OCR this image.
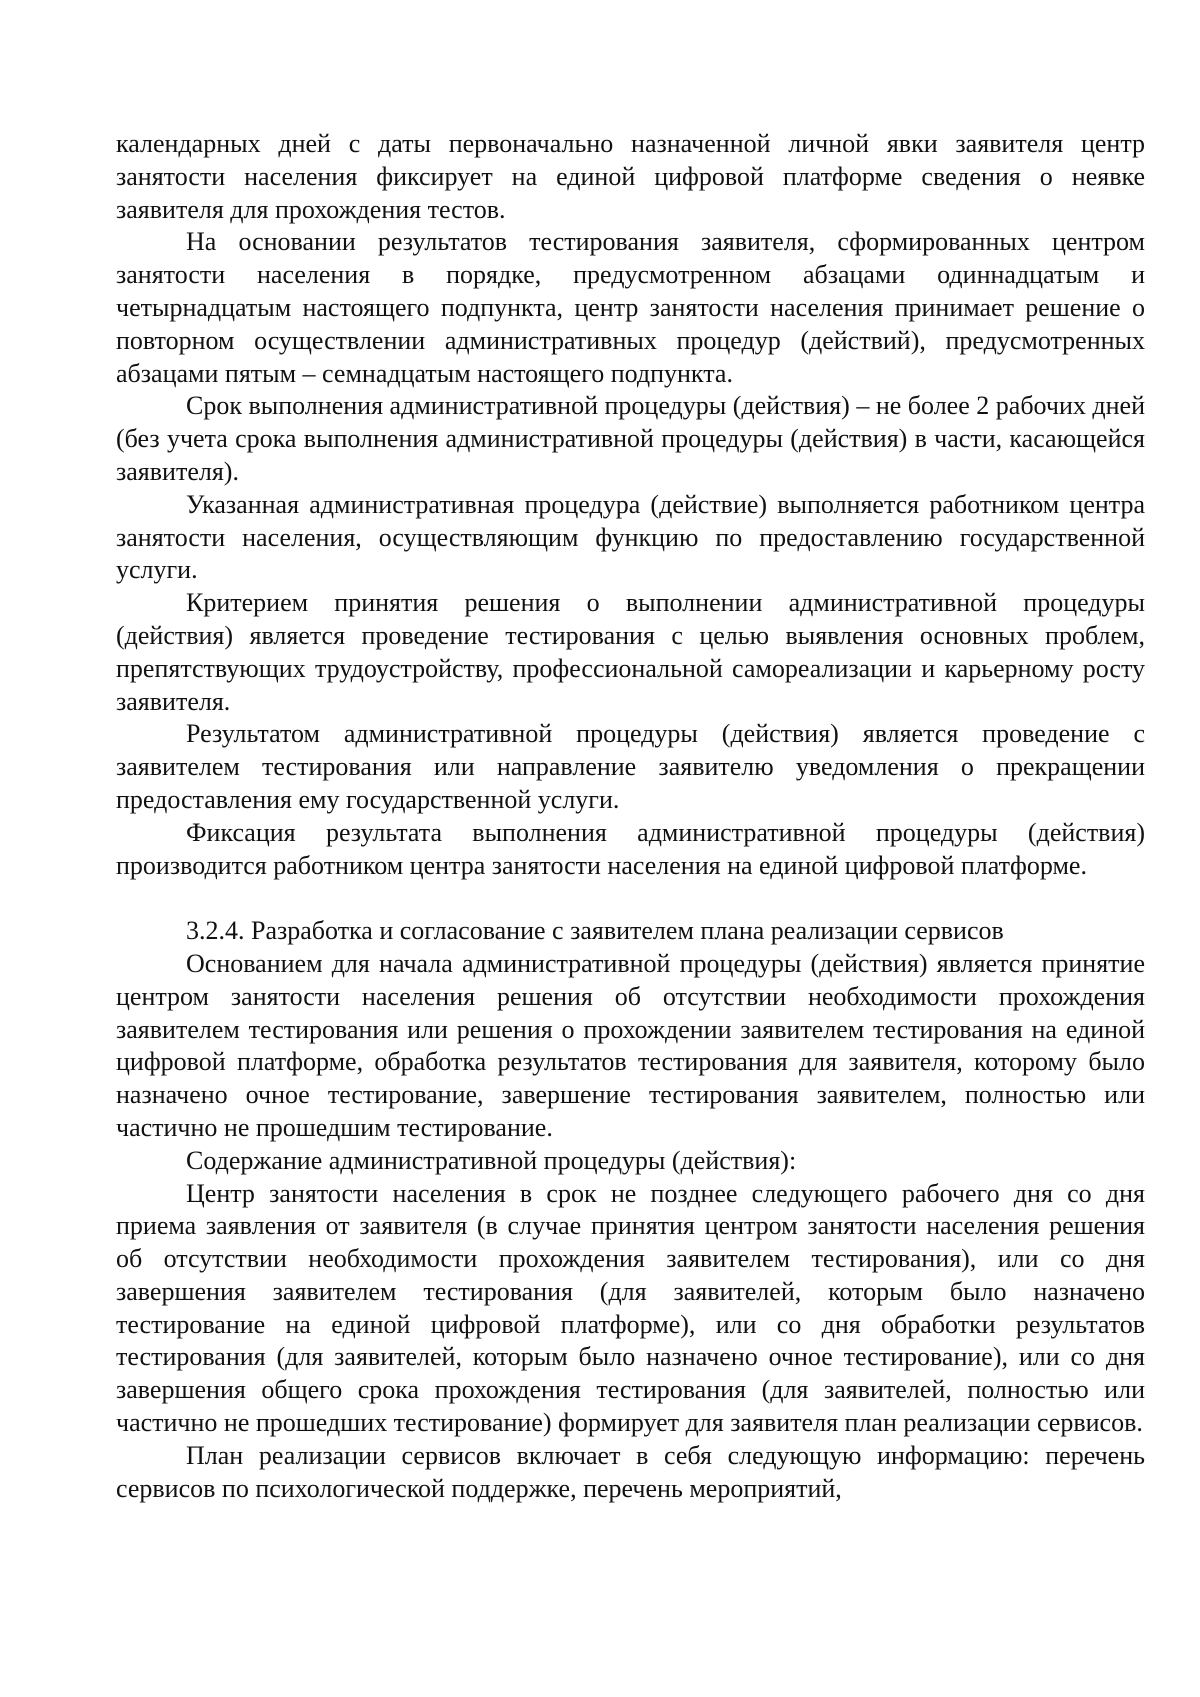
календарных дней с даты первоначально назначенной личной явки заявителя центр занятости населения фиксирует на единой цифровой платформе сведения о неявке заявителя для прохождения тестов.

На основании результатов тестирования заявителя, сформированных центром занятости населения в порядке, предусмотренном абзацами одиннадцатым и четырнадцатым настоящего подпункта, центр занятости населения принимает решение о повторном осуществлении административных процедур (действий), предусмотренных абзацами пятым – семнадцатым настоящего подпункта.

Срок выполнения административной процедуры (действия) – не более 2 рабочих дней (без учета срока выполнения административной процедуры (действия) в части, касающейся заявителя).

Указанная административная процедура (действие) выполняется работником центра занятости населения, осуществляющим функцию по предоставлению государственной услуги.

Критерием принятия решения о выполнении административной процедуры (действия) является проведение тестирования с целью выявления основных проблем, препятствующих трудоустройству, профессиональной самореализации и карьерному росту заявителя.

Результатом административной процедуры (действия) является проведение с заявителем тестирования или направление заявителю уведомления о прекращении предоставления ему государственной услуги.

Фиксация результата выполнения административной процедуры (действия) производится работником центра занятости населения на единой цифровой платформе.

3.2.4. Разработка и согласование с заявителем плана реализации сервисов

Основанием для начала административной процедуры (действия) является принятие центром занятости населения решения об отсутствии необходимости прохождения заявителем тестирования или решения о прохождении заявителем тестирования на единой цифровой платформе, обработка результатов тестирования для заявителя, которому было назначено очное тестирование, завершение тестирования заявителем, полностью или частично не прошедшим тестирование.

Содержание административной процедуры (действия):

Центр занятости населения в срок не позднее следующего рабочего дня со дня приема заявления от заявителя (в случае принятия центром занятости населения решения об отсутствии необходимости прохождения заявителем тестирования), или со дня завершения заявителем тестирования (для заявителей, которым было назначено тестирование на единой цифровой платформе), или со дня обработки результатов тестирования (для заявителей, которым было назначено очное тестирование), или со дня завершения общего срока прохождения тестирования (для заявителей, полностью или частично не прошедших тестирование) формирует для заявителя план реализации сервисов.

План реализации сервисов включает в себя следующую информацию: перечень сервисов по психологической поддержке, перечень мероприятий,
